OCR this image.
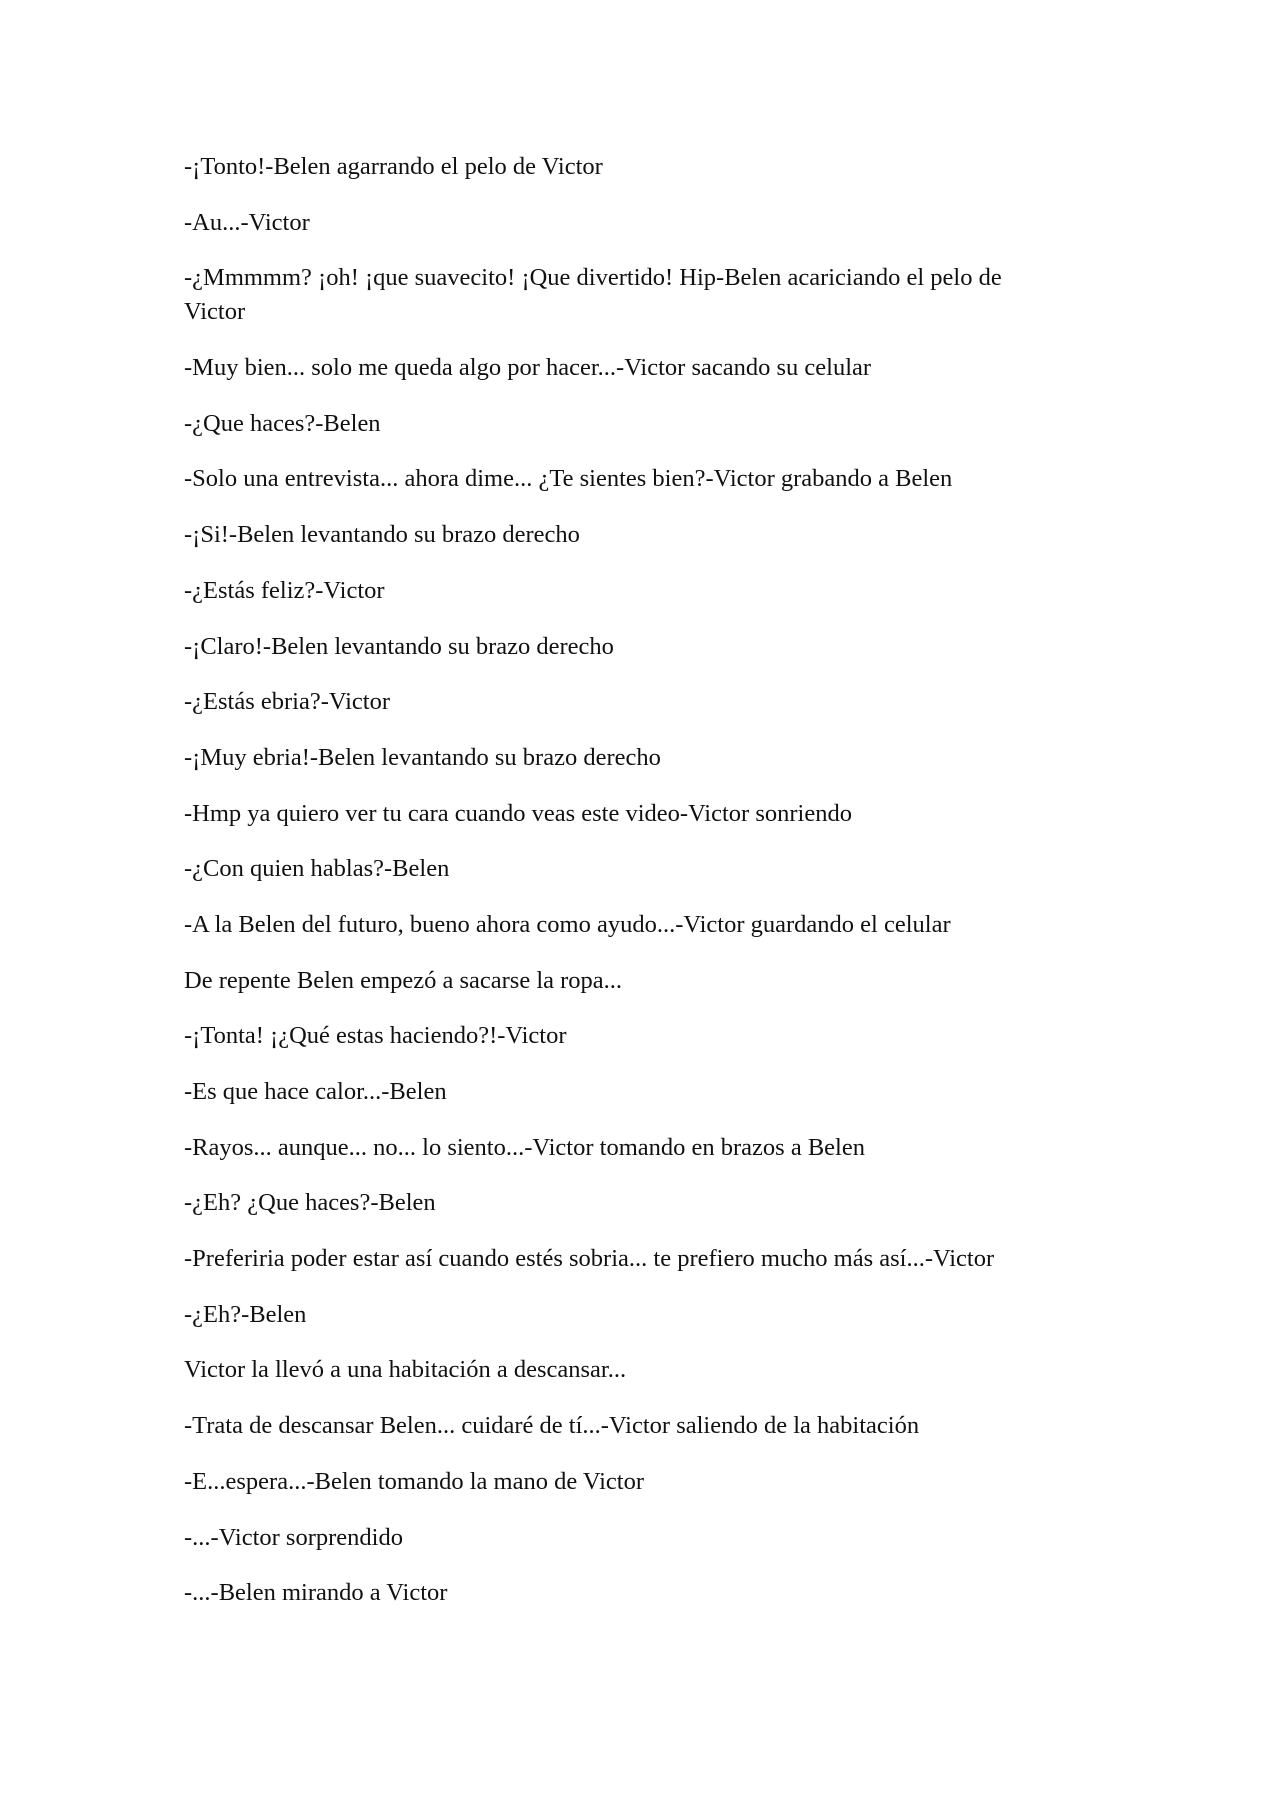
-¡Tonto!-Belen agarrando el pelo de Victor

-Au...-Victor

-¿Mmmmm? ¡oh! ¡que suavecito! ¡Que divertido! Hip-Belen acariciando el pelo de Victor

-Muy bien... solo me queda algo por hacer...-Victor sacando su celular

-¿Que haces?-Belen

-Solo una entrevista... ahora dime... ¿Te sientes bien?-Victor grabando a Belen

-¡Si!-Belen levantando su brazo derecho

-¿Estás feliz?-Victor

-¡Claro!-Belen levantando su brazo derecho

-¿Estás ebria?-Victor

-¡Muy ebria!-Belen levantando su brazo derecho

-Hmp ya quiero ver tu cara cuando veas este video-Victor sonriendo

-¿Con quien hablas?-Belen

-A la Belen del futuro, bueno ahora como ayudo...-Victor guardando el celular

De repente Belen empezó a sacarse la ropa...

-¡Tonta! ¡¿Qué estas haciendo?!-Victor

-Es que hace calor...-Belen

-Rayos... aunque... no... lo siento...-Victor tomando en brazos a Belen

-¿Eh? ¿Que haces?-Belen

-Preferiria poder estar así cuando estés sobria... te prefiero mucho más así...-Victor

-¿Eh?-Belen

Victor la llevó a una habitación a descansar...

-Trata de descansar Belen... cuidaré de tí...-Victor saliendo de la habitación

-E...espera...-Belen tomando la mano de Victor

-...-Victor sorprendido

-...-Belen mirando a Victor
